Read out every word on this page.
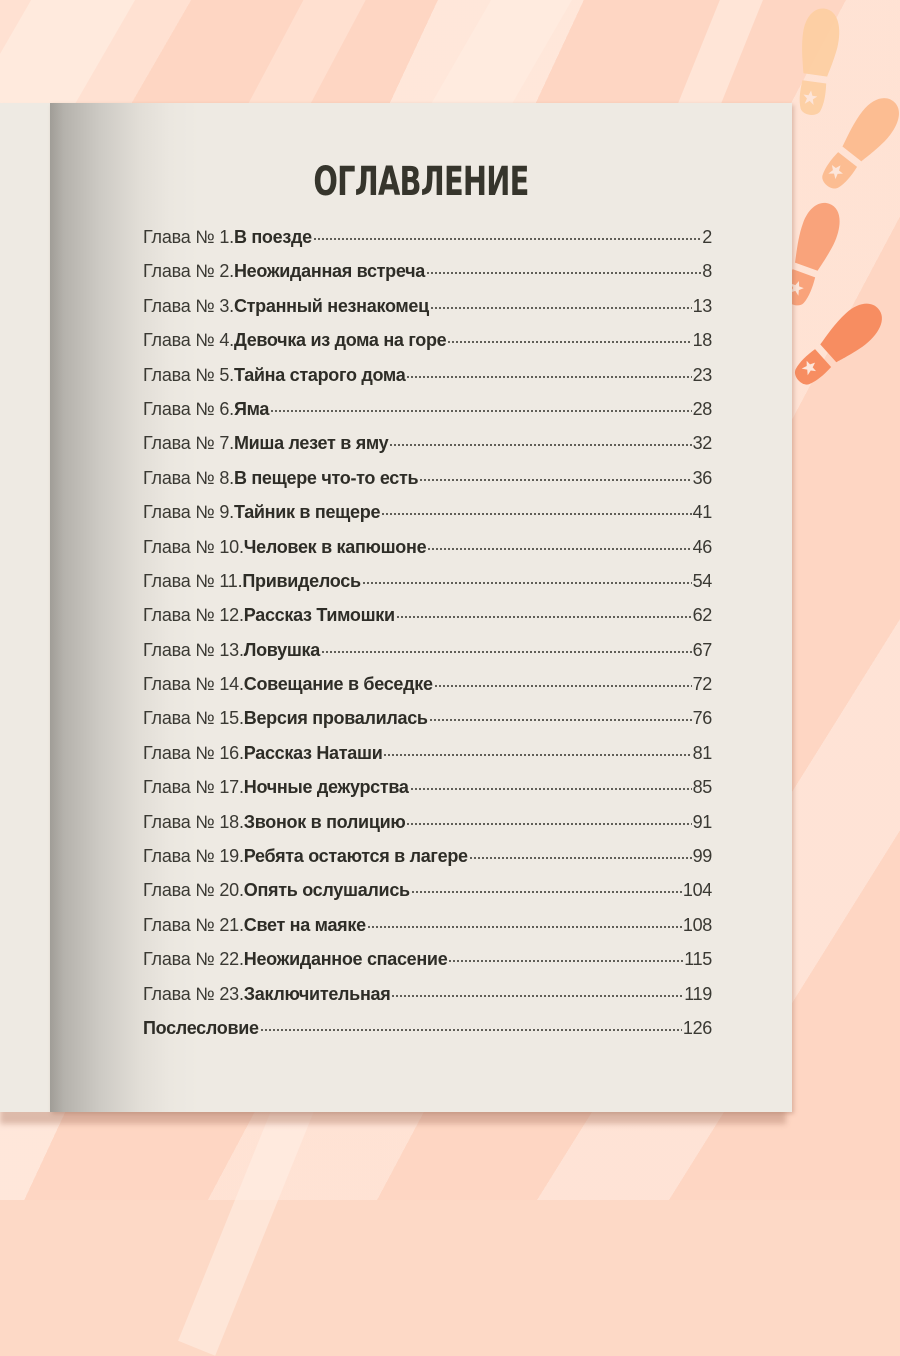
ОГЛАВЛЕНИЕ
Глава № 1. В поезде	2
Глава № 2. Неожиданная встреча	8
Глава № 3. Странный незнакомец	13
Глава № 4. Девочка из дома на горе	18
Глава № 5. Тайна старого дома	23
Глава № 6. Яма	28
Глава № 7. Миша лезет в яму	32
Глава № 8. В пещере что-то есть	36
Глава № 9. Тайник в пещере	41
Глава № 10. Человек в капюшоне	46
Глава № 11. Привиделось	54
Глава № 12. Рассказ Тимошки	62
Глава № 13. Ловушка	67
Глава № 14. Совещание в беседке	72
Глава № 15. Версия провалилась	76
Глава № 16. Рассказ Наташи	81
Глава № 17. Ночные дежурства	85
Глава № 18. Звонок в полицию	91
Глава № 19. Ребята остаются в лагере	99
Глава № 20. Опять ослушались	104
Глава № 21. Свет на маяке	108
Глава № 22. Неожиданное спасение	115
Глава № 23. Заключительная	119
Послесловие	126
